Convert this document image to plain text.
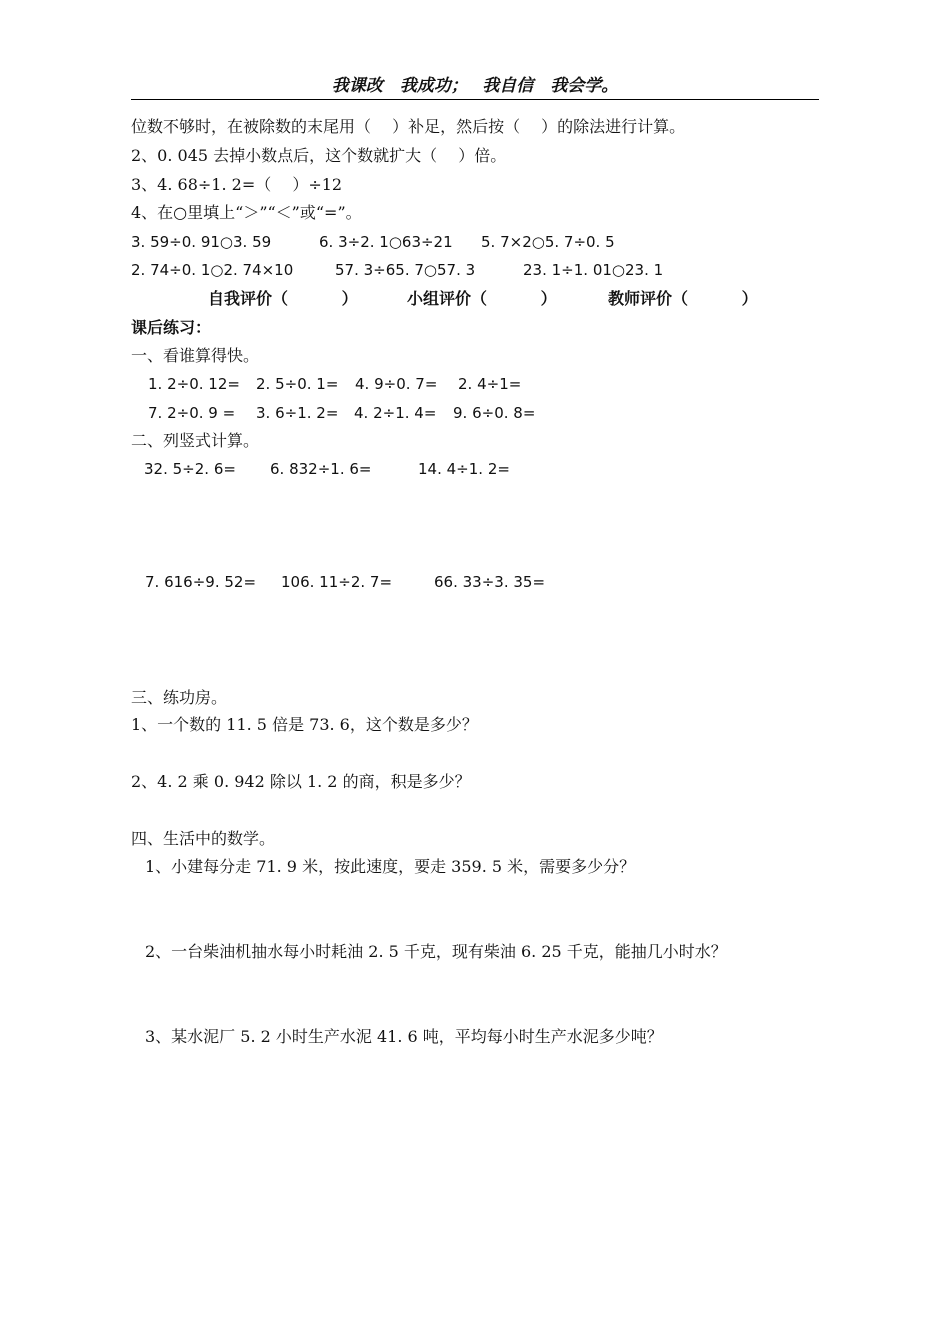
我课改　我成功；　 我自信　我会学。
位数不够时，在被除数的末尾用（　 ）补足，然后按（　 ）的除法进行计算。
2、0. 045 去掉小数点后，这个数就扩大（　 ）倍。
3、4. 68÷1. 2=（　 ）÷12
4、在○里填上“＞”“＜”或“=”。

3. 59÷0. 91○3. 59

	6. 3÷2. 1○63÷21

5. 7×2○5. 7÷0. 5

2. 74÷0. 1○2. 74×10

	57. 3÷65. 7○57. 3

	23. 1÷1. 01○23. 1

自我评价（　　　 ）	小组评价（　　　 ）	教师评价（　　　 ）
课后练习：
一、看谁算得快。

1. 2÷0. 12=

2. 5÷0. 1=

4. 9÷0. 7=

2. 4÷1=

7. 2÷0. 9 =

3. 6÷1. 2=

4. 2÷1. 4=

9. 6÷0. 8=

二、列竖式计算。

32. 5÷2. 6=

6. 832÷1. 6=

	14. 4÷1. 2=

7. 616÷9. 52=

106. 11÷2. 7=

	66. 33÷3. 35=

三、练功房。
1、一个数的 11. 5 倍是 73. 6，这个数是多少？
2、4. 2 乘 0. 942 除以 1. 2 的商，积是多少？
四、生活中的数学。
1、小建每分走 71. 9 米，按此速度，要走 359. 5 米，需要多少分？
2、一台柴油机抽水每小时耗油 2. 5 千克，现有柴油 6. 25 千克，能抽几小时水？
3、某水泥厂 5. 2 小时生产水泥 41. 6 吨，平均每小时生产水泥多少吨？
